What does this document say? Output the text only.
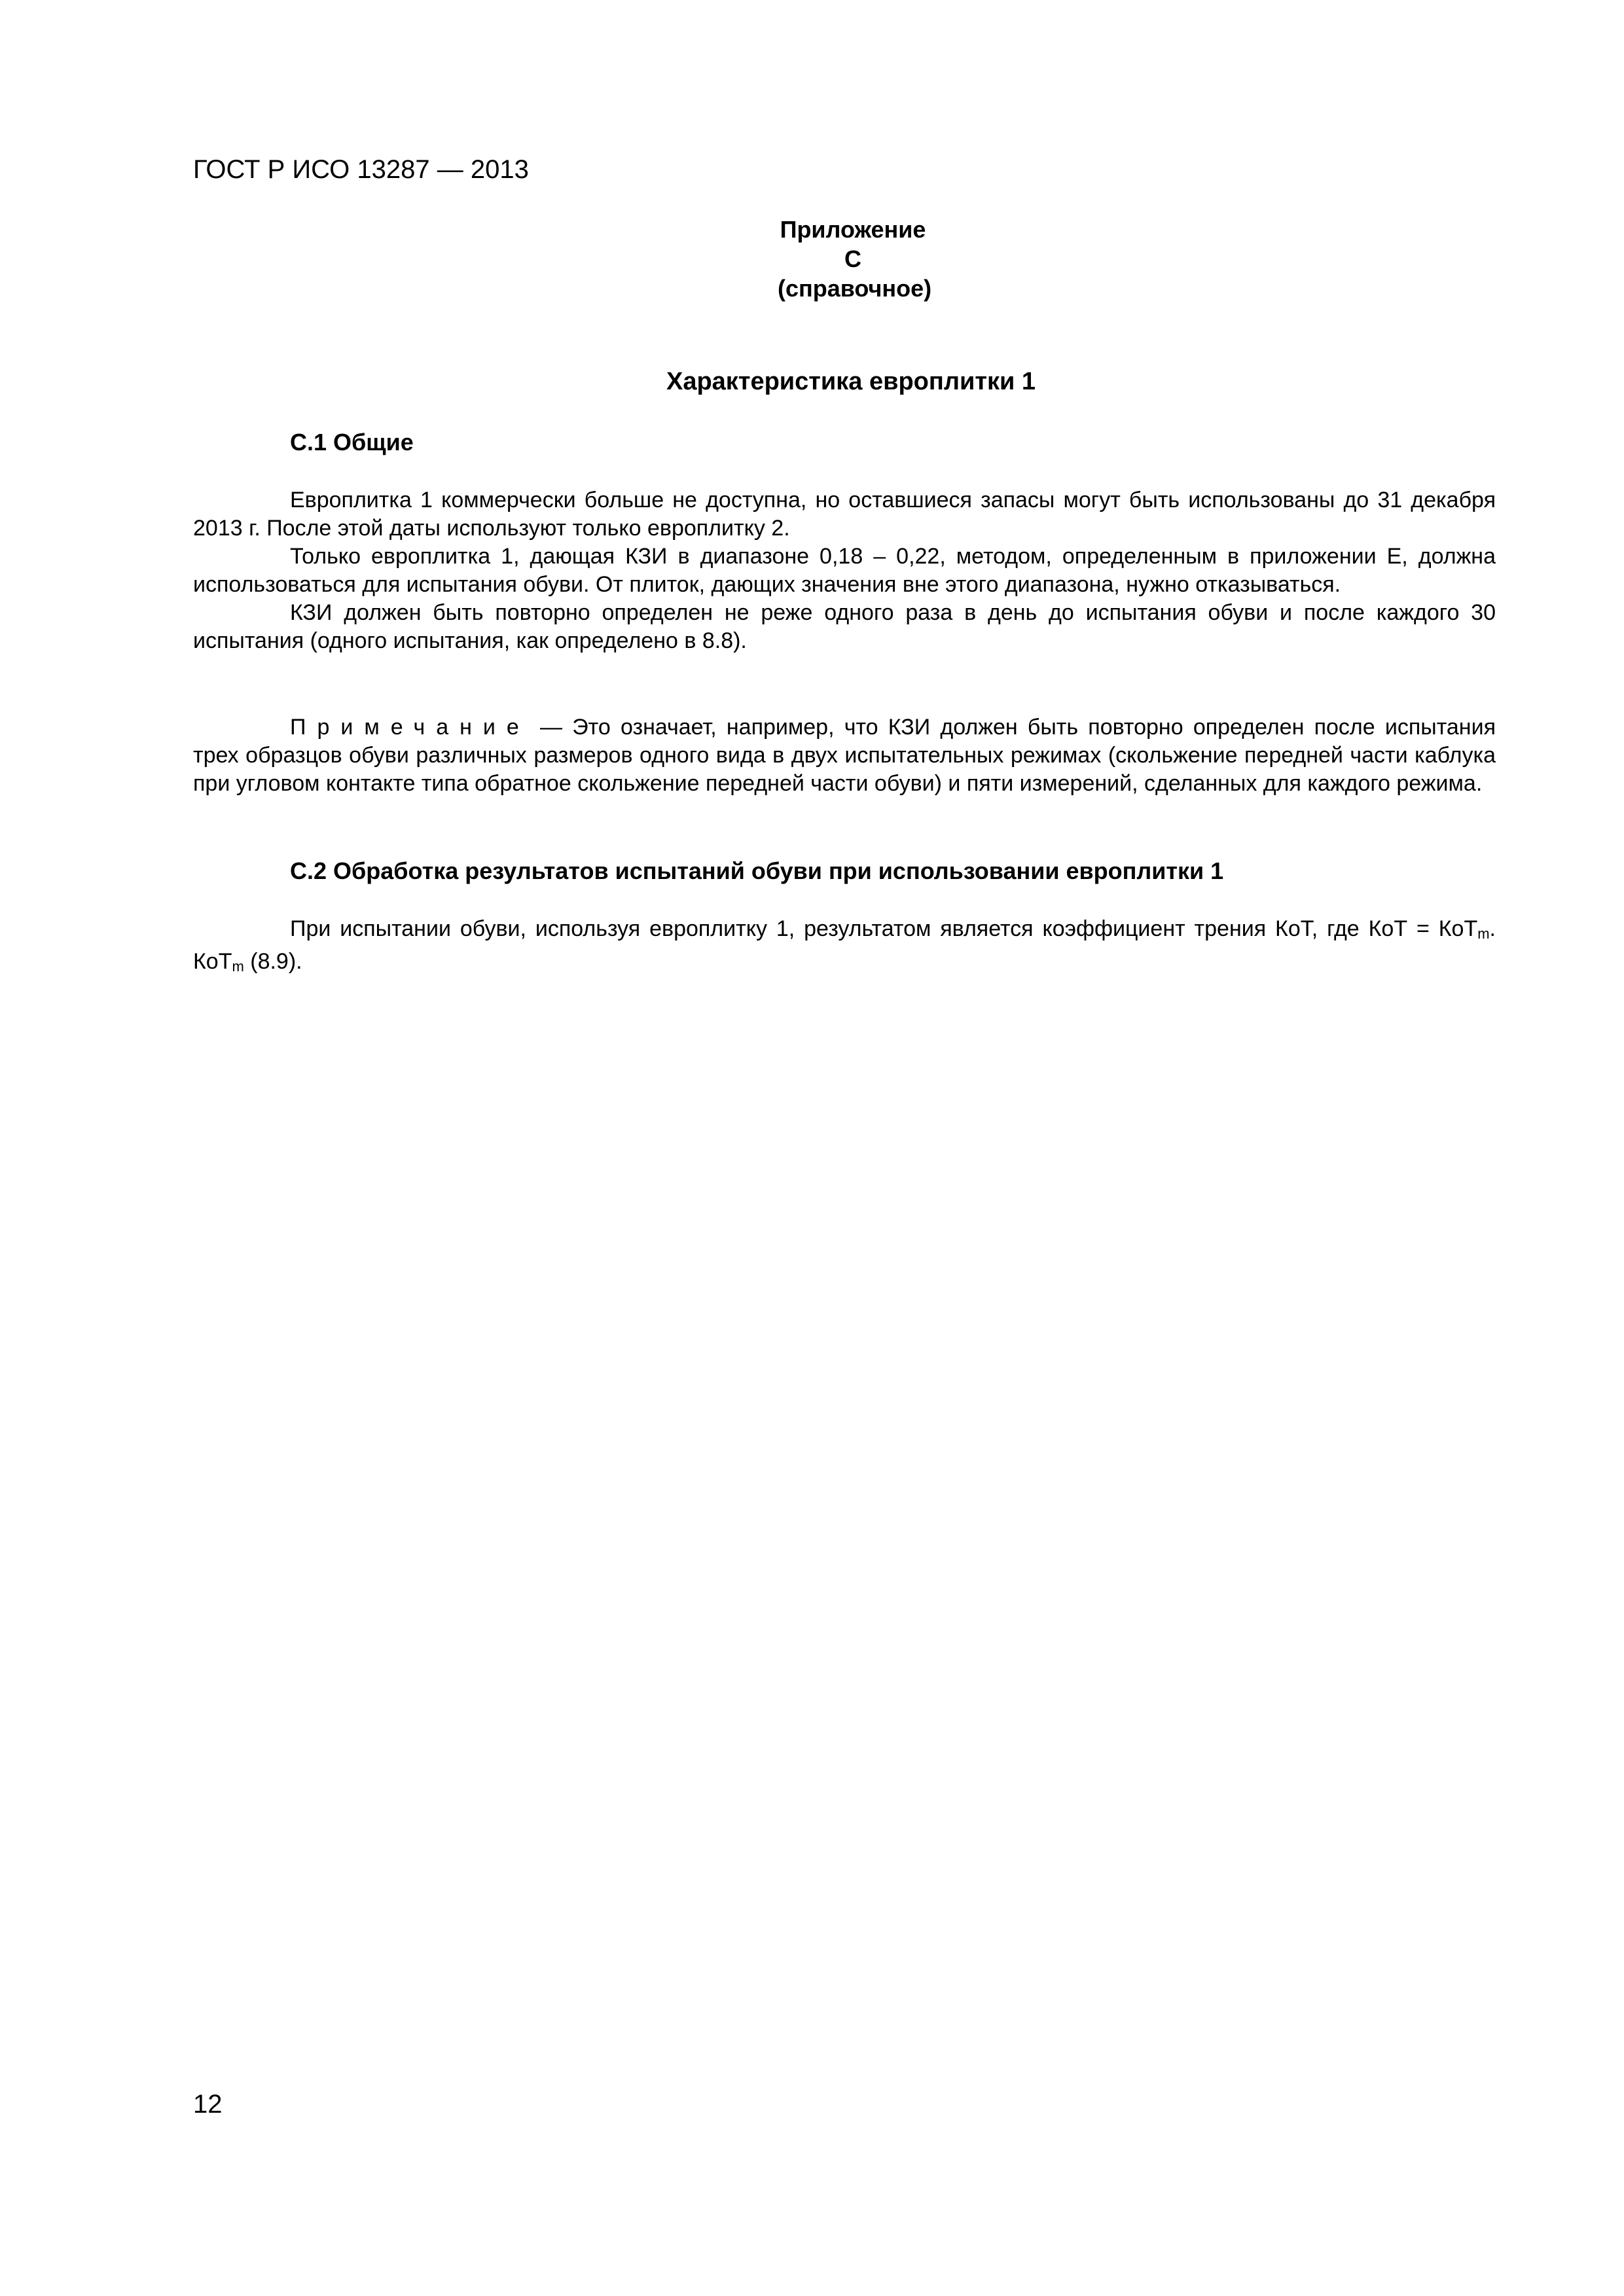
ГОСТ Р ИСО 13287 — 2013
Приложение С
(справочное)
Характеристика европлитки 1
С.1 Общие

Европлитка 1 коммерчески больше не доступна, но оставшиеся запасы могут быть использованы до 31 декабря 2013 г. После этой даты используют только европлитку 2.

Только европлитка 1, дающая КЗИ в диапазоне 0,18 – 0,22, методом, определенным в приложении Е, должна использоваться для испытания обуви. От плиток, дающих значения вне этого диапазона, нужно отказываться.

КЗИ должен быть повторно определен не реже одного раза в день до испытания обуви и после каждого 30 испытания (одного испытания, как определено в 8.8).

Примечание — Это означает, например, что КЗИ должен быть повторно определен после испытания трех образцов обуви различных размеров одного вида в двух испытательных режимах (скольжение передней части каблука при угловом контакте типа обратное скольжение передней части обуви) и пяти измерений, сделанных для каждого режима.
С.2 Обработка результатов испытаний обуви при использовании европлитки 1
При испытании обуви, используя европлитку 1, результатом является коэффициент трения КоТ, где КоТ = КоТ$_m$. КоТ$_m$ (8.9).
12
